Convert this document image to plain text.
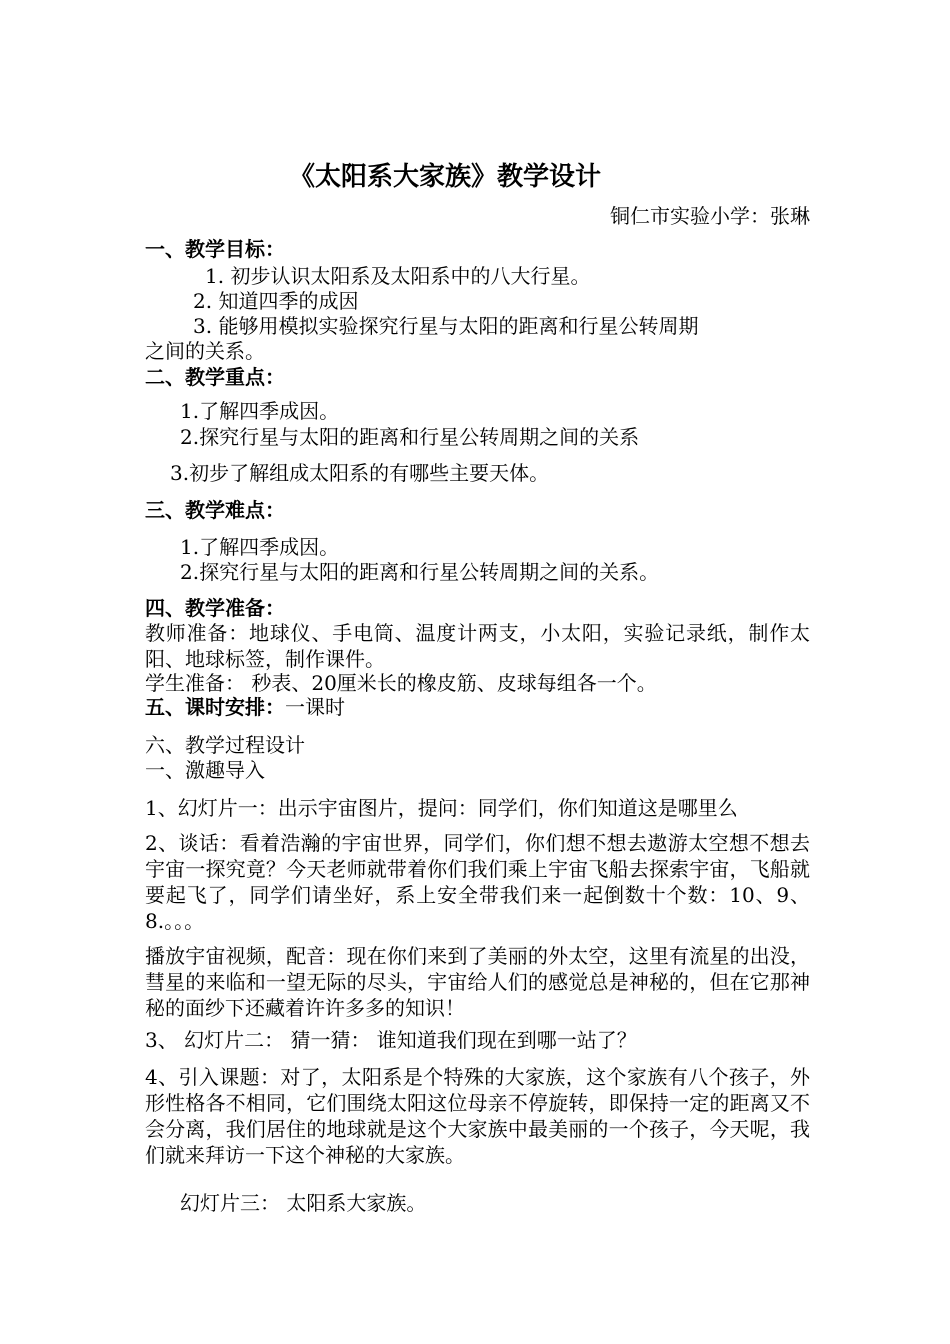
《太阳系大家族》教学设计
铜仁市实验小学：张琳
一、教学目标：
1. 初步认识太阳系及太阳系中的八大行星。
2. 知道四季的成因
3. 能够用模拟实验探究行星与太阳的距离和行星公转周期
之间的关系。
二、教学重点：
1.了解四季成因。
2.探究行星与太阳的距离和行星公转周期之间的关系
3.初步了解组成太阳系的有哪些主要天体。
三、教学难点：
1.了解四季成因。
2.探究行星与太阳的距离和行星公转周期之间的关系。
四、教学准备：
教师准备：地球仪、手电筒、温度计两支，小太阳，实验记录纸，制作太阳、地球标签，制作课件。
学生准备： 秒表、20厘米长的橡皮筋、皮球每组各一个。
五、课时安排：一课时
六、教学过程设计
一、激趣导入
1、幻灯片一：出示宇宙图片，提问：同学们，你们知道这是哪里么
2、谈话：看着浩瀚的宇宙世界，同学们，你们想不想去遨游太空想不想去宇宙一探究竟？今天老师就带着你们我们乘上宇宙飞船去探索宇宙，飞船就要起飞了，同学们请坐好，系上安全带我们来一起倒数十个数：10、9、8.。。。
播放宇宙视频，配音：现在你们来到了美丽的外太空，这里有流星的出没，彗星的来临和一望无际的尽头，宇宙给人们的感觉总是神秘的，但在它那神秘的面纱下还藏着许许多多的知识！
3、 幻灯片二： 猜一猜： 谁知道我们现在到哪一站了？
4、引入课题：对了，太阳系是个特殊的大家族，这个家族有八个孩子，外形性格各不相同，它们围绕太阳这位母亲不停旋转，即保持一定的距离又不会分离，我们居住的地球就是这个大家族中最美丽的一个孩子，今天呢，我们就来拜访一下这个神秘的大家族。
幻灯片三： 太阳系大家族。
